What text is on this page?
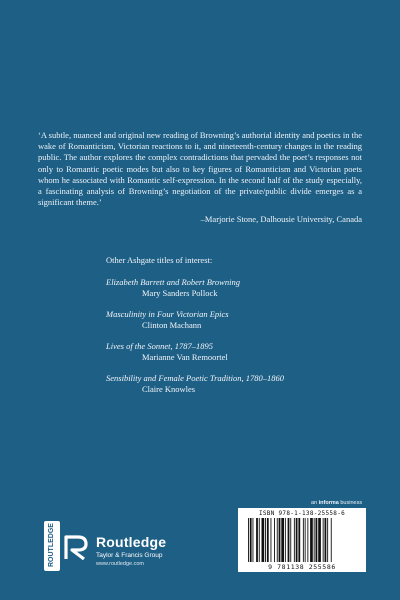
‘A subtle, nuanced and original new reading of Browning’s authorial identity and poetics in the wake of Romanticism, Victorian reactions to it, and nineteenth-century changes in the reading public. The author explores the complex contradictions that pervaded the poet’s responses not only to Romantic poetic modes but also to key figures of Romanticism and Victorian poets whom he associated with Romantic self-expression. In the second half of the study especially, a fascinating analysis of Browning’s negotiation of the private/public divide emerges as a significant theme.’
–Marjorie Stone, Dalhousie University, Canada
Other Ashgate titles of interest:
Elizabeth Barrett and Robert Browning
Mary Sanders Pollock
Masculinity in Four Victorian Epics
Clinton Machann
Lives of the Sonnet, 1787–1895
Marianne Van Remoortel
Sensibility and Female Poetic Tradition, 1780–1860
Claire Knowles
an informa business
ROUTLEDGE	Routledge
Taylor & Francis Group
www.routledge.com
ISBN 978-1-138-25558-6
9 781138 255586
